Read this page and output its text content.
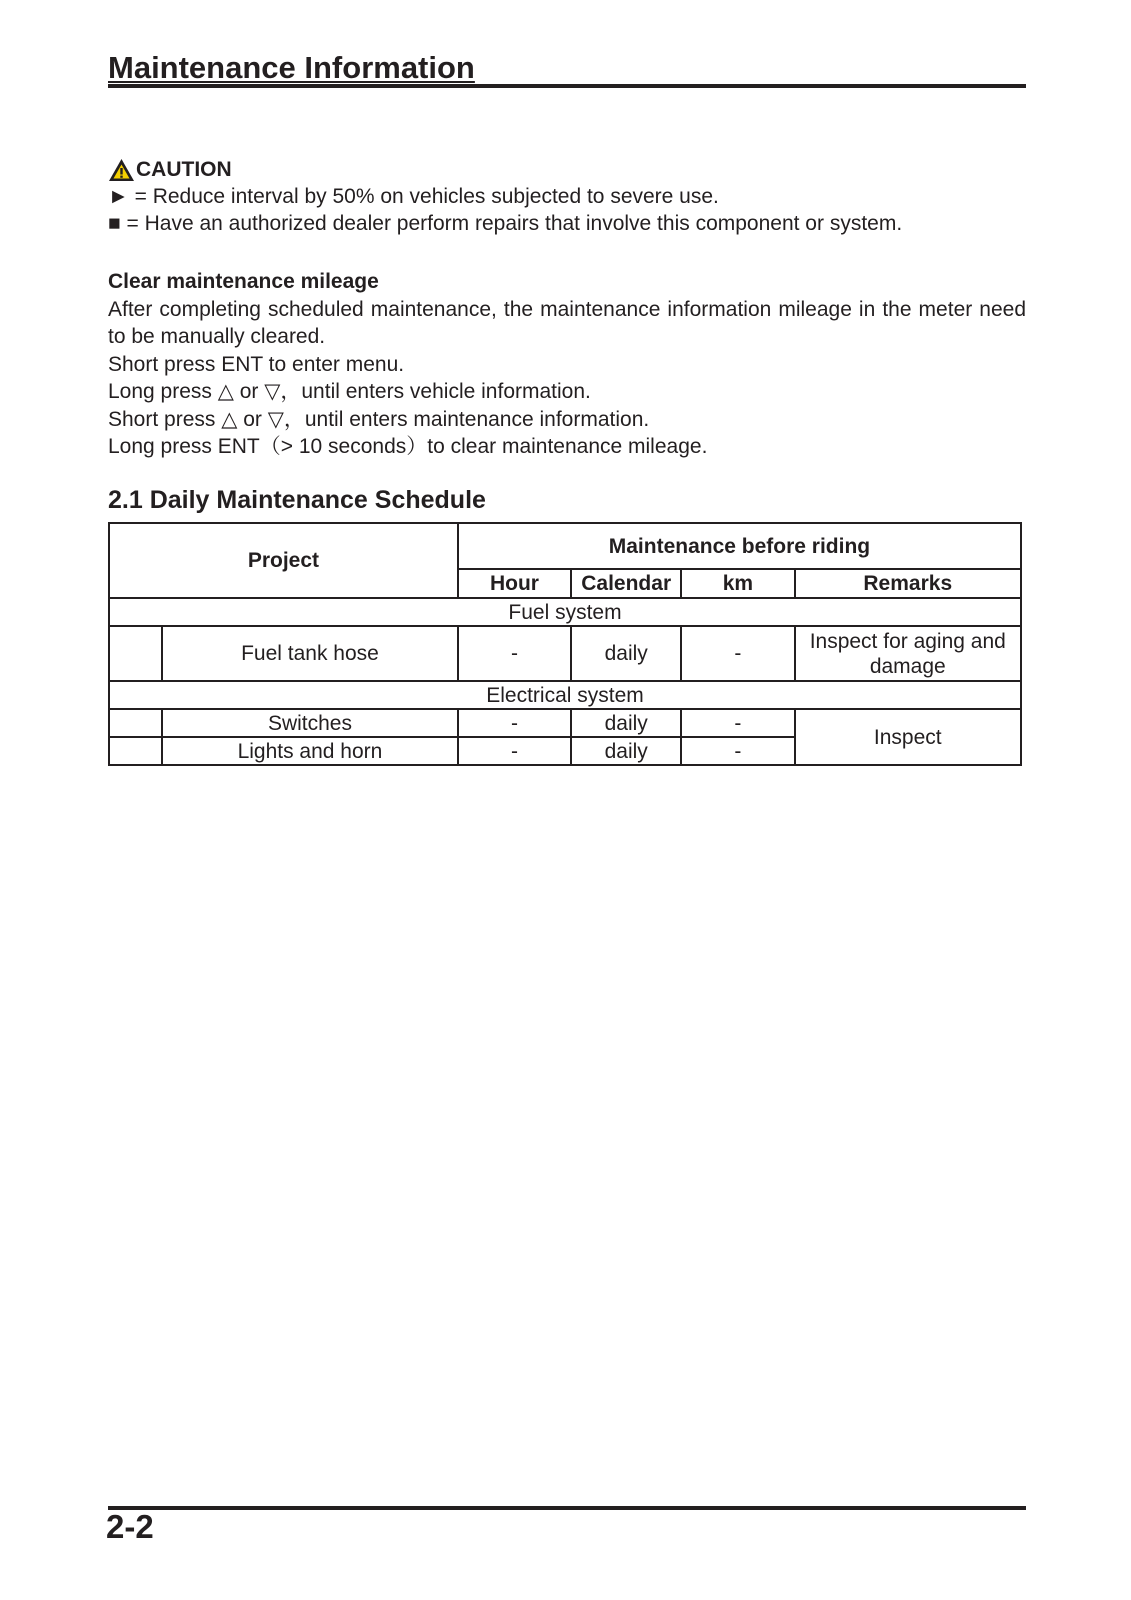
Maintenance Information
CAUTION
► = Reduce interval by 50% on vehicles subjected to severe use.
■ = Have an authorized dealer perform repairs that involve this component or system.
Clear maintenance mileage
After completing scheduled maintenance, the maintenance information mileage in the meter need to be manually cleared.
Short press ENT to enter menu.
Long press △ or ▽，until enters vehicle information.
Short press △ or ▽，until enters maintenance information.
Long press ENT（> 10 seconds）to clear maintenance mileage.
2.1 Daily Maintenance Schedule
Project		Maintenance before riding			
		Hour	Calendar	km	Remarks
Fuel system					
	Fuel tank hose	-	daily	-	Inspect for aging and damage
Electrical system					
	Switches	-	daily	-	Inspect
	Lights and horn	-	daily	-	
2-2
